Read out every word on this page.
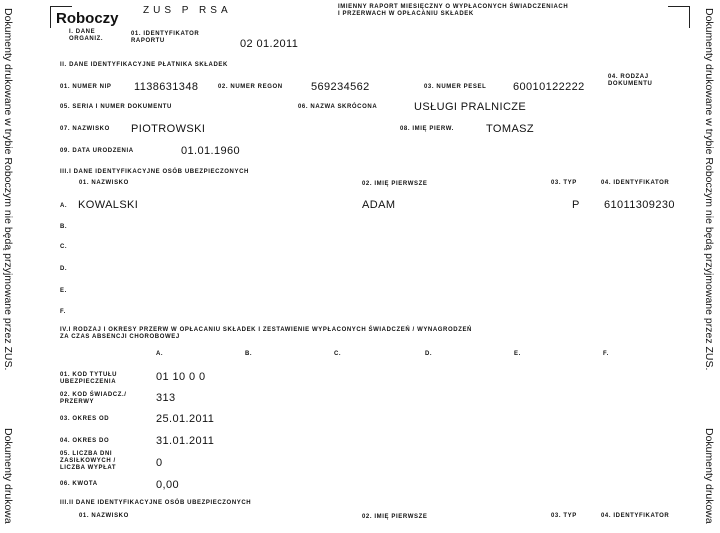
Dokumenty drukowane w trybie Roboczym nie będą przyjmowane przez ZUS.
Dokumenty drukowa
Dokumenty drukowane w trybie Roboczym nie będą przyjmowane przez ZUS.
Dokumenty drukowa
Roboczy ZUS P RSA	IMIENNY RAPORT MIESIĘCZNY O WYPŁACONYCH ŚWIADCZENIACH
I PRZERWACH W OPŁACANIU SKŁADEK
I. DANE
ORGANIZ.
01. IDENTYFIKATOR
RAPORTU	02 01.2011
II. DANE IDENTYFIKACYJNE PŁATNIKA SKŁADEK
01. NUMER NIP 1138631348	02. NUMER REGON	569234562	03. NUMER PESEL 60010122222
04. RODZAJ
DOKUMENTU
05. SERIA I NUMER DOKUMENTU	06. NAZWA SKRÓCONA	USŁUGI PRALNICZE
07. NAZWISKO PIOTROWSKI	08. IMIĘ PIERW.	TOMASZ
09. DATA URODZENIA	01.01.1960
III.I DANE IDENTYFIKACYJNE OSÓB UBEZPIECZONYCH
01. NAZWISKO	02. IMIĘ PIERWSZE	03. TYP	04. IDENTYFIKATOR
A. KOWALSKI	ADAM	P 61011309230
B.
C.
D.
E.
F.
IV.I RODZAJ I OKRESY PRZERW W OPŁACANIU SKŁADEK I ZESTAWIENIE WYPŁACONYCH ŚWIADCZEŃ / WYNAGRODZEŃ
ZA CZAS ABSENCJI CHOROBOWEJ
A.	B.	C.	D.	E.	F.
01. KOD TYTUŁU
UBEZPIECZENIA	01 10 0 0
02. KOD ŚWIADCZ./
PRZERWY	313
03. OKRES OD	25.01.2011
04. OKRES DO	31.01.2011
05. LICZBA DNI
ZASIŁKOWYCH /
LICZBA WYPŁAT	0
06. KWOTA	0,00
III.II DANE IDENTYFIKACYJNE OSÓB UBEZPIECZONYCH
01. NAZWISKO	02. IMIĘ PIERWSZE	03. TYP	04. IDENTYFIKATOR
